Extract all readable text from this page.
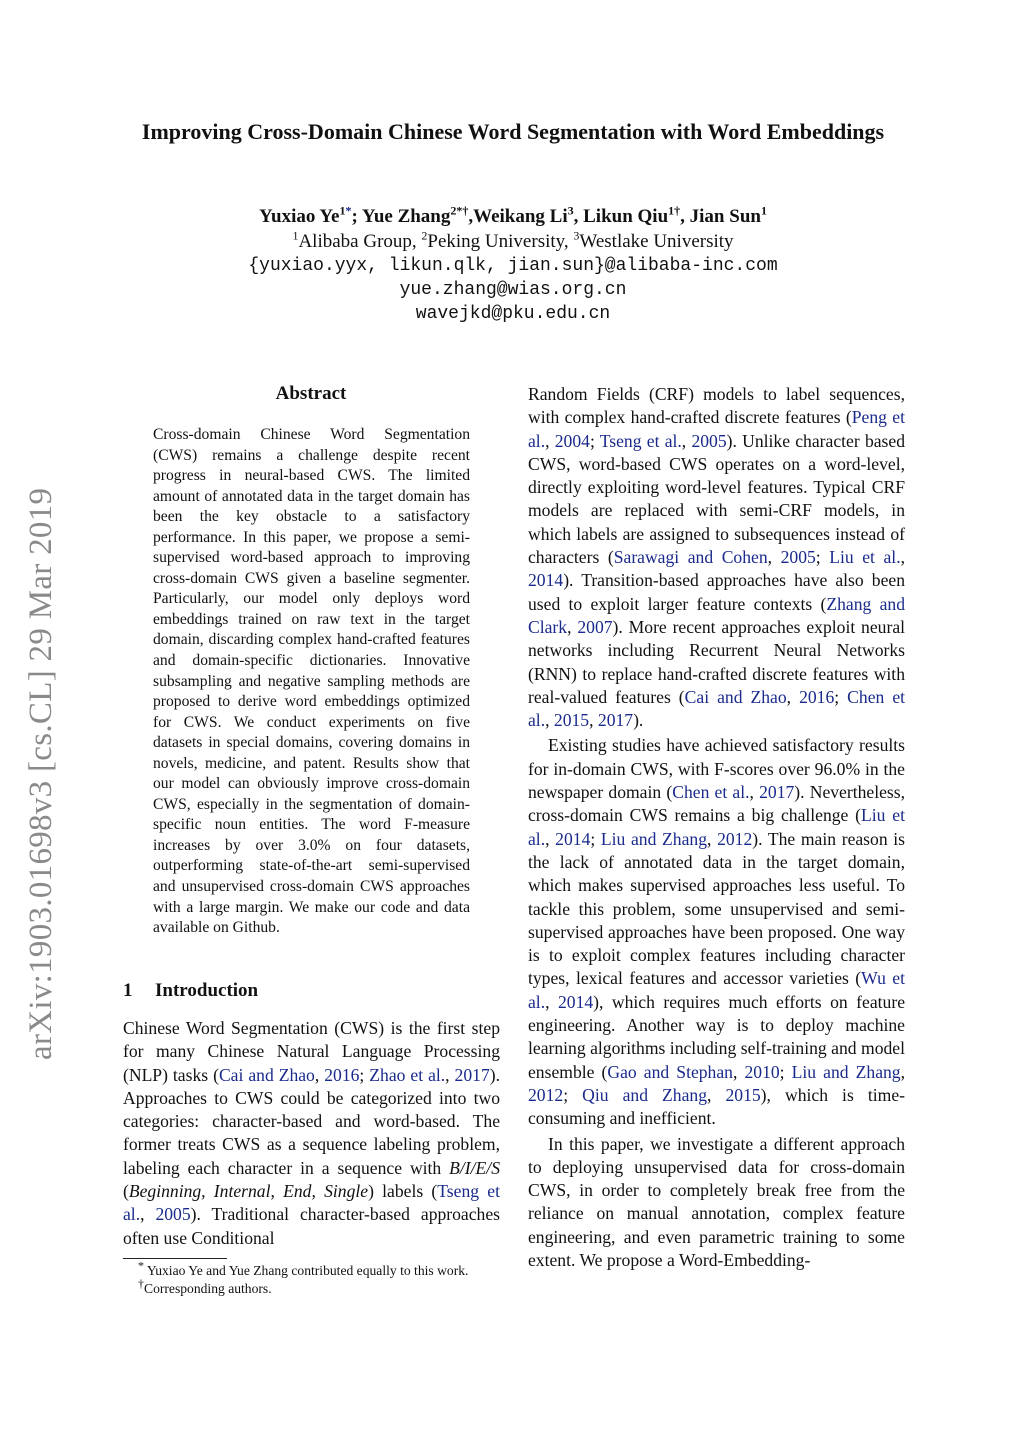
arXiv:1903.01698v3 [cs.CL] 29 Mar 2019
Improving Cross-Domain Chinese Word Segmentation with Word Embeddings
Yuxiao $Ye^{1*}$; Yue Zhang$^{2*\dagger}$,Weikang Li$^3$, Likun Qiu$^{1\dagger}$, Jian Sun$^1$
$^1$Alibaba Group, $^2$Peking University, $^3$Westlake University
{yuxiao.yyx, likun.qlk, jian.sun}@alibaba-inc.com
yue.zhang@wias.org.cn
wavejkd@pku.edu.cn
Abstract
Cross-domain Chinese Word Segmentation (CWS) remains a challenge despite recent progress in neural-based CWS. The limited amount of annotated data in the target domain has been the key obstacle to a satisfactory performance. In this paper, we propose a semi-supervised word-based approach to improving cross-domain CWS given a baseline segmenter. Particularly, our model only deploys word embeddings trained on raw text in the target domain, discarding complex hand-crafted features and domain-specific dictionaries. Innovative subsampling and negative sampling methods are proposed to derive word embeddings optimized for CWS. We conduct experiments on five datasets in special domains, covering domains in novels, medicine, and patent. Results show that our model can obviously improve cross-domain CWS, especially in the segmentation of domain-specific noun entities. The word F-measure increases by over 3.0% on four datasets, outperforming state-of-the-art semi-supervised and unsupervised cross-domain CWS approaches with a large margin. We make our code and data available on Github.
1 Introduction
Chinese Word Segmentation (CWS) is the first step for many Chinese Natural Language Processing (NLP) tasks (Cai and Zhao, 2016; Zhao et al., 2017). Approaches to CWS could be categorized into two categories: character-based and word-based. The former treats CWS as a sequence labeling problem, labeling each character in a sequence with B/I/E/S (Beginning, Internal, End, Single) labels (Tseng et al., 2005). Traditional character-based approaches often use Conditional
* Yuxiao Ye and Yue Zhang contributed equally to this work.
†Corresponding authors.

Random Fields (CRF) models to label sequences, with complex hand-crafted discrete features (Peng et al., 2004; Tseng et al., 2005). Unlike character based CWS, word-based CWS operates on a word-level, directly exploiting word-level features. Typical CRF models are replaced with semi-CRF models, in which labels are assigned to subsequences instead of characters (Sarawagi and Cohen, 2005; Liu et al., 2014). Transition-based approaches have also been used to exploit larger feature contexts (Zhang and Clark, 2007). More recent approaches exploit neural networks including Recurrent Neural Networks (RNN) to replace hand-crafted discrete features with real-valued features (Cai and Zhao, 2016; Chen et al., 2015, 2017).

Existing studies have achieved satisfactory results for in-domain CWS, with F-scores over 96.0% in the newspaper domain (Chen et al., 2017). Nevertheless, cross-domain CWS remains a big challenge (Liu et al., 2014; Liu and Zhang, 2012). The main reason is the lack of annotated data in the target domain, which makes supervised approaches less useful. To tackle this problem, some unsupervised and semi-supervised approaches have been proposed. One way is to exploit complex features including character types, lexical features and accessor varieties (Wu et al., 2014), which requires much efforts on feature engineering. Another way is to deploy machine learning algorithms including self-training and model ensemble (Gao and Stephan, 2010; Liu and Zhang, 2012; Qiu and Zhang, 2015), which is time-consuming and inefficient.

In this paper, we investigate a different approach to deploying unsupervised data for cross-domain CWS, in order to completely break free from the reliance on manual annotation, complex feature engineering, and even parametric training to some extent. We propose a Word-Embedding-
